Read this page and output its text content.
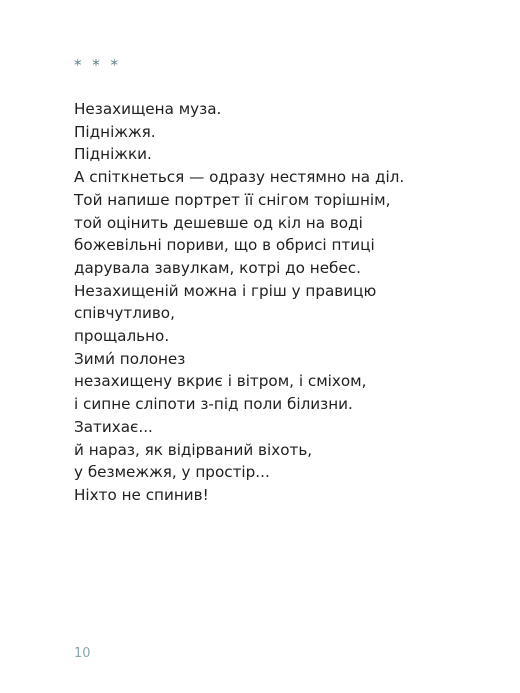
* * *
Незахищена муза.
Підніжжя.
Підніжки.
А спіткнеться — одразу нестямно на діл.
Той напише портрет її снігом торішнім,
той оцінить дешевше од кіл на воді
божевільні пориви, що в обрисі птиці
дарувала завулкам, котрі до небес.
Незахищеній можна і гріш у правицю
співчутливо,
прощально.
Зими́ полонез
незахищену вкриє і вітром, і сміхом,
і сипне сліпоти з-під поли білизни.
Затихає...
й нараз, як відірваний віхоть,
у безмежжя, у простір...
Ніхто не спинив!
10
